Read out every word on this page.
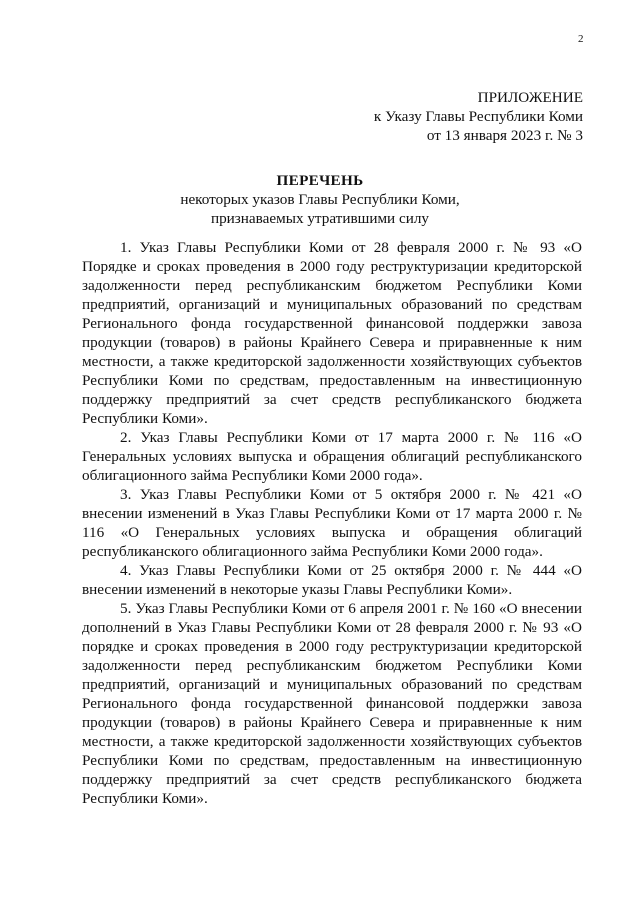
2
ПРИЛОЖЕНИЕ
к Указу Главы Республики Коми
от 13 января 2023 г. № 3
ПЕРЕЧЕНЬ
некоторых указов Главы Республики Коми,
признаваемых утратившими силу

1. Указ Главы Республики Коми от 28 февраля 2000 г. № 93 «О Порядке и сроках проведения в 2000 году реструктуризации кредиторской задолженности перед республиканским бюджетом Республики Коми предприятий, организаций и муниципальных образований по средствам Регионального фонда государственной финансовой поддержки завоза продукции (товаров) в районы Крайнего Севера и приравненные к ним местности, а также кредиторской задолженности хозяйствующих субъектов Республики Коми по средствам, предоставленным на инвестиционную поддержку предприятий за счет средств республиканского бюджета Республики Коми».

2. Указ Главы Республики Коми от 17 марта 2000 г. № 116 «О Генеральных условиях выпуска и обращения облигаций республиканского облигационного займа Республики Коми 2000 года».

3. Указ Главы Республики Коми от 5 октября 2000 г. № 421 «О внесении изменений в Указ Главы Республики Коми от 17 марта 2000 г. № 116 «О Генеральных условиях выпуска и обращения облигаций республиканского облигационного займа Республики Коми 2000 года».

4. Указ Главы Республики Коми от 25 октября 2000 г. № 444 «О внесении изменений в некоторые указы Главы Республики Коми».

5. Указ Главы Республики Коми от 6 апреля 2001 г. № 160 «О внесении дополнений в Указ Главы Республики Коми от 28 февраля 2000 г. № 93 «О порядке и сроках проведения в 2000 году реструктуризации кредиторской задолженности перед республиканским бюджетом Республики Коми предприятий, организаций и муниципальных образований по средствам Регионального фонда государственной финансовой поддержки завоза продукции (товаров) в районы Крайнего Севера и приравненные к ним местности, а также кредиторской задолженности хозяйствующих субъектов Республики Коми по средствам, предоставленным на инвестиционную поддержку предприятий за счет средств республиканского бюджета Республики Коми».
